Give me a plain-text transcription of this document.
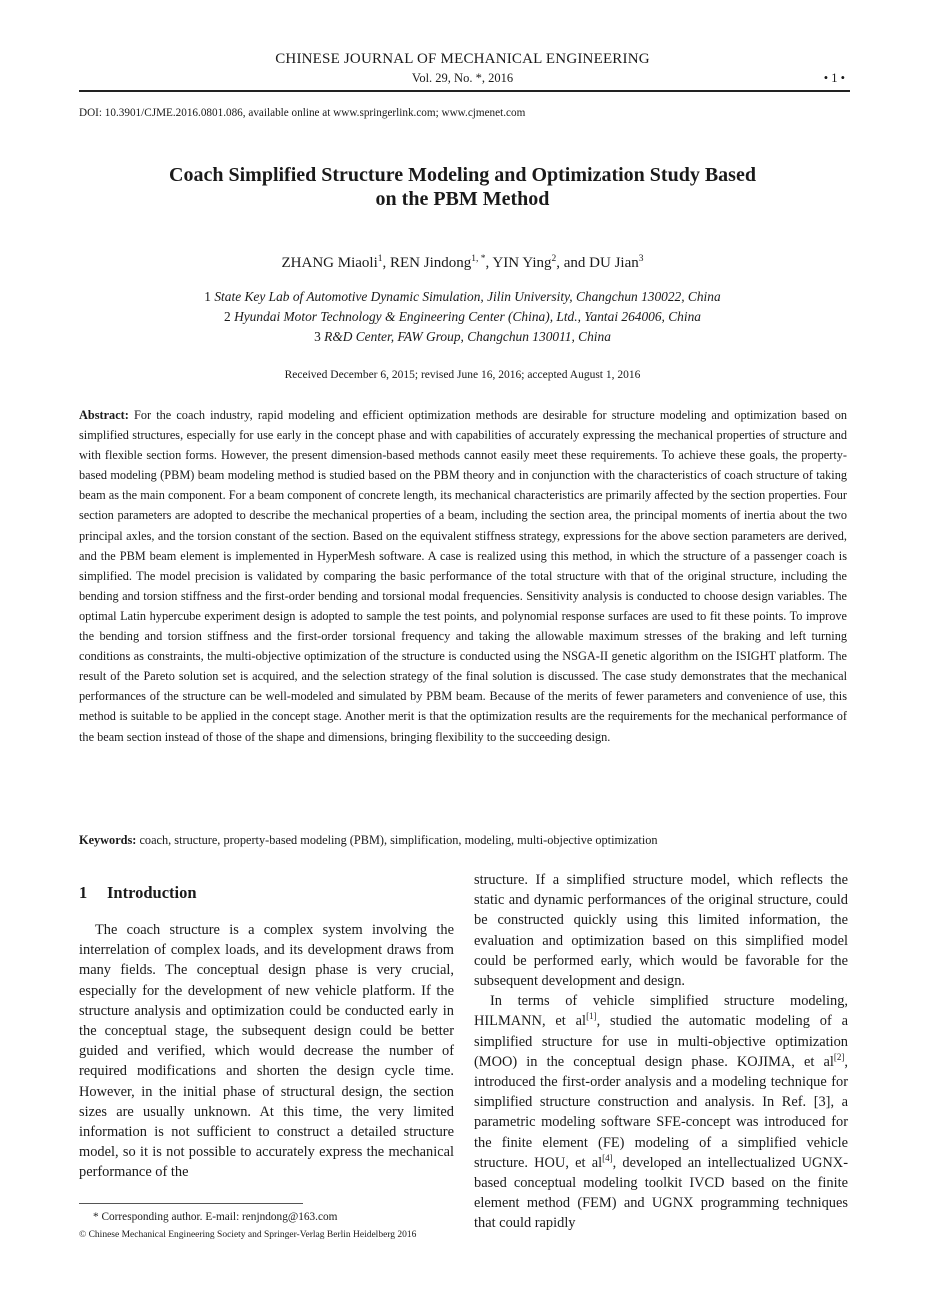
CHINESE JOURNAL OF MECHANICAL ENGINEERING
Vol. 29, No. *, 2016	• 1 •
DOI: 10.3901/CJME.2016.0801.086, available online at www.springerlink.com; www.cjmenet.com
Coach Simplified Structure Modeling and Optimization Study Based
on the PBM Method
ZHANG Miaoli$^1$, REN Jindong$^{1, *}$, YIN Ying$^2$, and DU Jian$^3$
1 State Key Lab of Automotive Dynamic Simulation, Jilin University, Changchun 130022, China
2 Hyundai Motor Technology & Engineering Center (China), Ltd., Yantai 264006, China
3 R&D Center, FAW Group, Changchun 130011, China
Received December 6, 2015; revised June 16, 2016; accepted August 1, 2016
Abstract: For the coach industry, rapid modeling and efficient optimization methods are desirable for structure modeling and optimization based on simplified structures, especially for use early in the concept phase and with capabilities of accurately expressing the mechanical properties of structure and with flexible section forms. However, the present dimension-based methods cannot easily meet these requirements. To achieve these goals, the property-based modeling (PBM) beam modeling method is studied based on the PBM theory and in conjunction with the characteristics of coach structure of taking beam as the main component. For a beam component of concrete length, its mechanical characteristics are primarily affected by the section properties. Four section parameters are adopted to describe the mechanical properties of a beam, including the section area, the principal moments of inertia about the two principal axles, and the torsion constant of the section. Based on the equivalent stiffness strategy, expressions for the above section parameters are derived, and the PBM beam element is implemented in HyperMesh software. A case is realized using this method, in which the structure of a passenger coach is simplified. The model precision is validated by comparing the basic performance of the total structure with that of the original structure, including the bending and torsion stiffness and the first-order bending and torsional modal frequencies. Sensitivity analysis is conducted to choose design variables. The optimal Latin hypercube experiment design is adopted to sample the test points, and polynomial response surfaces are used to fit these points. To improve the bending and torsion stiffness and the first-order torsional frequency and taking the allowable maximum stresses of the braking and left turning conditions as constraints, the multi-objective optimization of the structure is conducted using the NSGA-II genetic algorithm on the ISIGHT platform. The result of the Pareto solution set is acquired, and the selection strategy of the final solution is discussed. The case study demonstrates that the mechanical performances of the structure can be well-modeled and simulated by PBM beam. Because of the merits of fewer parameters and convenience of use, this method is suitable to be applied in the concept stage. Another merit is that the optimization results are the requirements for the mechanical performance of the beam section instead of those of the shape and dimensions, bringing flexibility to the succeeding design.
Keywords: coach, structure, property-based modeling (PBM), simplification, modeling, multi-objective optimization
1 Introduction
The coach structure is a complex system involving the interrelation of complex loads, and its development draws from many fields. The conceptual design phase is very crucial, especially for the development of new vehicle platform. If the structure analysis and optimization could be conducted early in the conceptual stage, the subsequent design could be better guided and verified, which would decrease the number of required modifications and shorten the design cycle time. However, in the initial phase of structural design, the section sizes are usually unknown. At this time, the very limited information is not sufficient to construct a detailed structure model, so it is not possible to accurately express the mechanical performance of the

structure. If a simplified structure model, which reflects the static and dynamic performances of the original structure, could be constructed quickly using this limited information, the evaluation and optimization based on this simplified model could be performed early, which would be favorable for the subsequent development and design.

In terms of vehicle simplified structure modeling, HILMANN, et al[1], studied the automatic modeling of a simplified structure for use in multi-objective optimization (MOO) in the conceptual design phase. KOJIMA, et al[2], introduced the first-order analysis and a modeling technique for simplified structure construction and analysis. In Ref. [3], a parametric modeling software SFE-concept was introduced for the finite element (FE) modeling of a simplified vehicle structure. HOU, et al[4], developed an intellectualized UGNX-based conceptual modeling toolkit IVCD based on the finite element method (FEM) and UGNX programming techniques that could rapidly

* Corresponding author. E-mail: renjndong@163.com
© Chinese Mechanical Engineering Society and Springer-Verlag Berlin Heidelberg 2016
